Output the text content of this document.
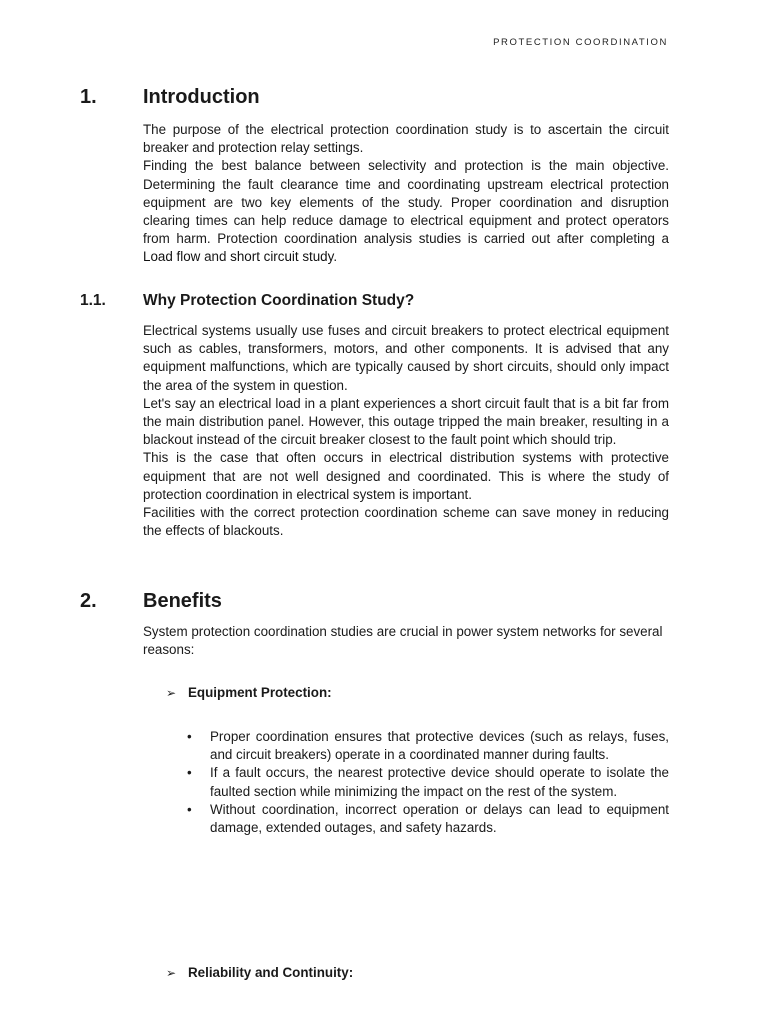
PROTECTION COORDINATION
1. Introduction

The purpose of the electrical protection coordination study is to ascertain the circuit breaker and protection relay settings.

Finding the best balance between selectivity and protection is the main objective. Determining the fault clearance time and coordinating upstream electrical protection equipment are two key elements of the study. Proper coordination and disruption clearing times can help reduce damage to electrical equipment and protect operators from harm. Protection coordination analysis studies is carried out after completing a Load flow and short circuit study.

1.1. Why Protection Coordination Study?

Electrical systems usually use fuses and circuit breakers to protect electrical equipment such as cables, transformers, motors, and other components. It is advised that any equipment malfunctions, which are typically caused by short circuits, should only impact the area of the system in question.

Let's say an electrical load in a plant experiences a short circuit fault that is a bit far from the main distribution panel. However, this outage tripped the main breaker, resulting in a blackout instead of the circuit breaker closest to the fault point which should trip.

This is the case that often occurs in electrical distribution systems with protective equipment that are not well designed and coordinated. This is where the study of protection coordination in electrical system is important.

Facilities with the correct protection coordination scheme can save money in reducing the effects of blackouts.

2. Benefits

System protection coordination studies are crucial in power system networks for several reasons:

➢ Equipment Protection:
• Proper coordination ensures that protective devices (such as relays, fuses, and circuit breakers) operate in a coordinated manner during faults.
• If a fault occurs, the nearest protective device should operate to isolate the faulted section while minimizing the impact on the rest of the system.
• Without coordination, incorrect operation or delays can lead to equipment damage, extended outages, and safety hazards.
➢ Reliability and Continuity:
